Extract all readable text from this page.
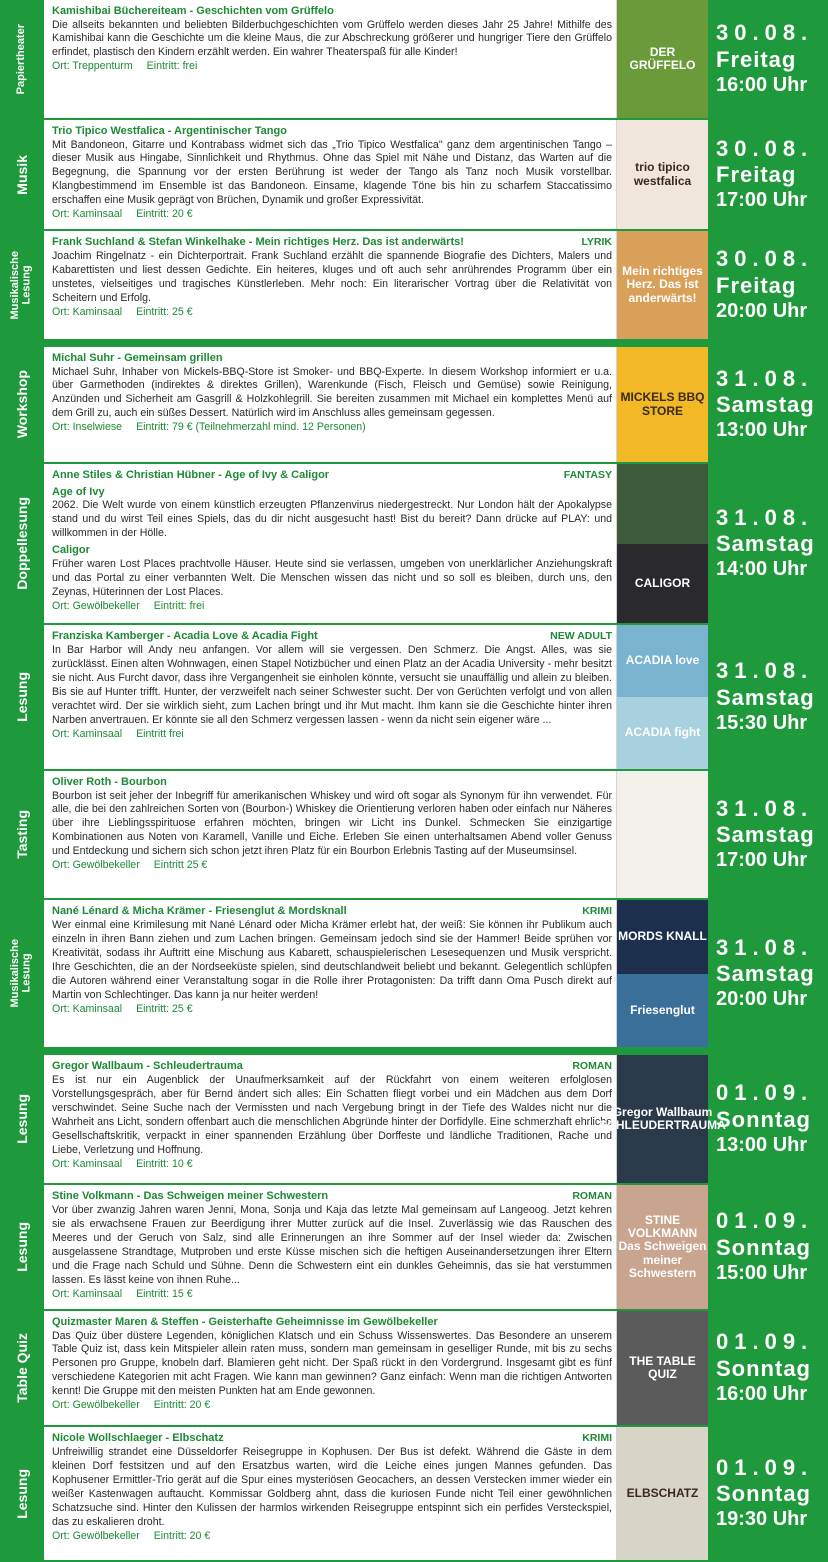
Papiertheater
Kamishibai Büchereiteam - Geschichten vom Grüffelo
Die allseits bekannten und beliebten Bilderbuchgeschichten vom Grüffelo werden dieses Jahr 25 Jahre! Mithilfe des Kamishibai kann die Geschichte um die kleine Maus, die zur Abschreckung größerer und hungriger Tiere den Grüffelo erfindet, plastisch den Kindern erzählt werden. Ein wahrer Theaterspaß für alle Kinder!
Ort: Treppenturm Eintritt: frei
DER GRÜFFELO
30.08.
Freitag
16:00 Uhr
Musik
Trio Tipico Westfalica - Argentinischer Tango
Mit Bandoneon, Gitarre und Kontrabass widmet sich das „Trio Tipico Westfalica" ganz dem argentinischen Tango – dieser Musik aus Hingabe, Sinnlichkeit und Rhythmus. Ohne das Spiel mit Nähe und Distanz, das Warten auf die Begegnung, die Spannung vor der ersten Berührung ist weder der Tango als Tanz noch Musik vorstellbar. Klangbestimmend im Ensemble ist das Bandoneon. Einsame, klagende Töne bis hin zu scharfem Staccatissimo erschaffen eine Musik geprägt von Brüchen, Dynamik und großer Expressivität.
Ort: Kaminsaal Eintritt: 20 €
trio tipico westfalica
30.08.
Freitag
17:00 Uhr
Musikalische
Lesung
Frank Suchland & Stefan Winkelhake - Mein richtiges Herz. Das ist anderwärts!	LYRIK
Joachim Ringelnatz - ein Dichterportrait. Frank Suchland erzählt die spannende Biografie des Dichters, Malers und Kabarettisten und liest dessen Gedichte. Ein heiteres, kluges und oft auch sehr anrührendes Programm über ein unstetes, vielseitiges und tragisches Künstlerleben. Mehr noch: Ein literarischer Vortrag über die Relativität von Scheitern und Erfolg.
Ort: Kaminsaal Eintritt: 25 €
Mein richtiges Herz. Das ist anderwärts!
30.08.
Freitag
20:00 Uhr
Workshop
Michal Suhr - Gemeinsam grillen
Michael Suhr, Inhaber von Mickels-BBQ-Store ist Smoker- und BBQ-Experte. In diesem Workshop informiert er u.a. über Garmethoden (indirektes & direktes Grillen), Warenkunde (Fisch, Fleisch und Gemüse) sowie Reinigung, Anzünden und Sicherheit am Gasgrill & Holzkohlegrill. Sie bereiten zusammen mit Michael ein komplettes Menü auf dem Grill zu, auch ein süßes Dessert. Natürlich wird im Anschluss alles gemeinsam gegessen.
Ort: Inselwiese Eintritt: 79 € (Teilnehmerzahl mind. 12 Personen)
MICKELS BBQ STORE
31.08.
Samstag
13:00 Uhr
Doppellesung
Anne Stiles & Christian Hübner - Age of Ivy & Caligor	FANTASY
Age of Ivy
2062. Die Welt wurde von einem künstlich erzeugten Pflanzenvirus niedergestreckt. Nur London hält der Apokalypse stand und du wirst Teil eines Spiels, das du dir nicht ausgesucht hast! Bist du bereit? Dann drücke auf PLAY: und willkommen in der Hölle.
Caligor
Früher waren Lost Places prachtvolle Häuser. Heute sind sie verlassen, umgeben von unerklärlicher Anziehungskraft und das Portal zu einer verbannten Welt. Die Menschen wissen das nicht und so soll es bleiben, durch uns, den Zeynas, Hüterinnen der Lost Places.
Ort: Gewölbekeller Eintritt: frei
CALIGOR
31.08.
Samstag
14:00 Uhr
Lesung
Franziska Kamberger - Acadia Love & Acadia Fight	NEW ADULT
In Bar Harbor will Andy neu anfangen. Vor allem will sie vergessen. Den Schmerz. Die Angst. Alles, was sie zurücklässt. Einen alten Wohnwagen, einen Stapel Notizbücher und einen Platz an der Acadia University - mehr besitzt sie nicht. Aus Furcht davor, dass ihre Vergangenheit sie einholen könnte, versucht sie unauffällig und allein zu bleiben. Bis sie auf Hunter trifft. Hunter, der verzweifelt nach seiner Schwester sucht. Der von Gerüchten verfolgt und von allen verachtet wird. Der sie wirklich sieht, zum Lachen bringt und ihr Mut macht. Ihm kann sie die Geschichte hinter ihren Narben anvertrauen. Er könnte sie all den Schmerz vergessen lassen - wenn da nicht sein eigener wäre ...
Ort: Kaminsaal Eintritt frei
ACADIA love
ACADIA fight
31.08.
Samstag
15:30 Uhr
Tasting
Oliver Roth - Bourbon
Bourbon ist seit jeher der Inbegriff für amerikanischen Whiskey und wird oft sogar als Synonym für ihn verwendet. Für alle, die bei den zahlreichen Sorten von (Bourbon-) Whiskey die Orientierung verloren haben oder einfach nur Näheres über ihre Lieblingsspirituose erfahren möchten, bringen wir Licht ins Dunkel. Schmecken Sie einzigartige Kombinationen aus Noten von Karamell, Vanille und Eiche. Erleben Sie einen unterhaltsamen Abend voller Genuss und Entdeckung und sichern sich schon jetzt ihren Platz für ein Bourbon Erlebnis Tasting auf der Museumsinsel.
Ort: Gewölbekeller Eintritt 25 €
31.08.
Samstag
17:00 Uhr
Musikalische
Lesung
Nané Lénard & Micha Krämer - Friesenglut & Mordsknall	KRIMI
Wer einmal eine Krimilesung mit Nané Lénard oder Micha Krämer erlebt hat, der weiß: Sie können ihr Publikum auch einzeln in ihren Bann ziehen und zum Lachen bringen. Gemeinsam jedoch sind sie der Hammer! Beide sprühen vor Kreativität, sodass ihr Auftritt eine Mischung aus Kabarett, schauspielerischen Lesesequenzen und Musik verspricht. Ihre Geschichten, die an der Nordseeküste spielen, sind deutschlandweit beliebt und bekannt. Gelegentlich schlüpfen die Autoren während einer Veranstaltung sogar in die Rolle ihrer Protagonisten: Da trifft dann Oma Pusch direkt auf Martin von Schlechtinger. Das kann ja nur heiter werden!
Ort: Kaminsaal Eintritt: 25 €
MORDS KNALL
Friesenglut
31.08.
Samstag
20:00 Uhr
Lesung
Gregor Wallbaum - Schleudertrauma	ROMAN
Es ist nur ein Augenblick der Unaufmerksamkeit auf der Rückfahrt von einem weiteren erfolglosen Vorstellungsgespräch, aber für Bernd ändert sich alles: Ein Schatten fliegt vorbei und ein Mädchen aus dem Dorf verschwindet. Seine Suche nach der Vermissten und nach Vergebung bringt in der Tiefe des Waldes nicht nur die Wahrheit ans Licht, sondern offenbart auch die menschlichen Abgründe hinter der Dorfidylle. Eine schmerzhaft ehrliche Gesellschaftskritik, verpackt in einer spannenden Erzählung über Dorffeste und ländliche Traditionen, Rache und Liebe, Verletzung und Hoffnung.
Ort: Kaminsaal Eintritt: 10 €
Gregor Wallbaum SCHLEUDERTRAUMA
01.09.
Sonntag
13:00 Uhr
Lesung
Stine Volkmann - Das Schweigen meiner Schwestern	ROMAN
Vor über zwanzig Jahren waren Jenni, Mona, Sonja und Kaja das letzte Mal gemeinsam auf Langeoog. Jetzt kehren sie als erwachsene Frauen zur Beerdigung ihrer Mutter zurück auf die Insel. Zuverlässig wie das Rauschen des Meeres und der Geruch von Salz, sind alle Erinnerungen an ihre Sommer auf der Insel wieder da: Zwischen ausgelassene Strandtage, Mutproben und erste Küsse mischen sich die heftigen Auseinandersetzungen ihrer Eltern und die Frage nach Schuld und Sühne. Denn die Schwestern eint ein dunkles Geheimnis, das sie hat verstummen lassen. Es lässt keine von ihnen Ruhe...
Ort: Kaminsaal Eintritt: 15 €
STINE VOLKMANN Das Schweigen meiner Schwestern
01.09.
Sonntag
15:00 Uhr
Table Quiz
Quizmaster Maren & Steffen - Geisterhafte Geheimnisse im Gewölbekeller
Das Quiz über düstere Legenden, königlichen Klatsch und ein Schuss Wissenswertes. Das Besondere an unserem Table Quiz ist, dass kein Mitspieler allein raten muss, sondern man gemeinsam in geselliger Runde, mit bis zu sechs Personen pro Gruppe, knobeln darf. Blamieren geht nicht. Der Spaß rückt in den Vordergrund. Insgesamt gibt es fünf verschiedene Kategorien mit acht Fragen. Wie kann man gewinnen? Ganz einfach: Wenn man die richtigen Antworten kennt! Die Gruppe mit den meisten Punkten hat am Ende gewonnen.
Ort: Gewölbekeller Eintritt: 20 €
THE TABLE QUIZ
01.09.
Sonntag
16:00 Uhr
Lesung
Nicole Wollschlaeger - Elbschatz	KRIMI
Unfreiwillig strandet eine Düsseldorfer Reisegruppe in Kophusen. Der Bus ist defekt. Während die Gäste in dem kleinen Dorf festsitzen und auf den Ersatzbus warten, wird die Leiche eines jungen Mannes gefunden. Das Kophusener Ermittler-Trio gerät auf die Spur eines mysteriösen Geocachers, an dessen Verstecken immer wieder ein weißer Kastenwagen auftaucht. Kommissar Goldberg ahnt, dass die kuriosen Funde nicht Teil einer gewöhnlichen Schatzsuche sind. Hinter den Kulissen der harmlos wirkenden Reisegruppe entspinnt sich ein perfides Versteckspiel, das zu eskalieren droht.
Ort: Gewölbekeller Eintritt: 20 €
ELBSCHATZ
01.09.
Sonntag
19:30 Uhr
